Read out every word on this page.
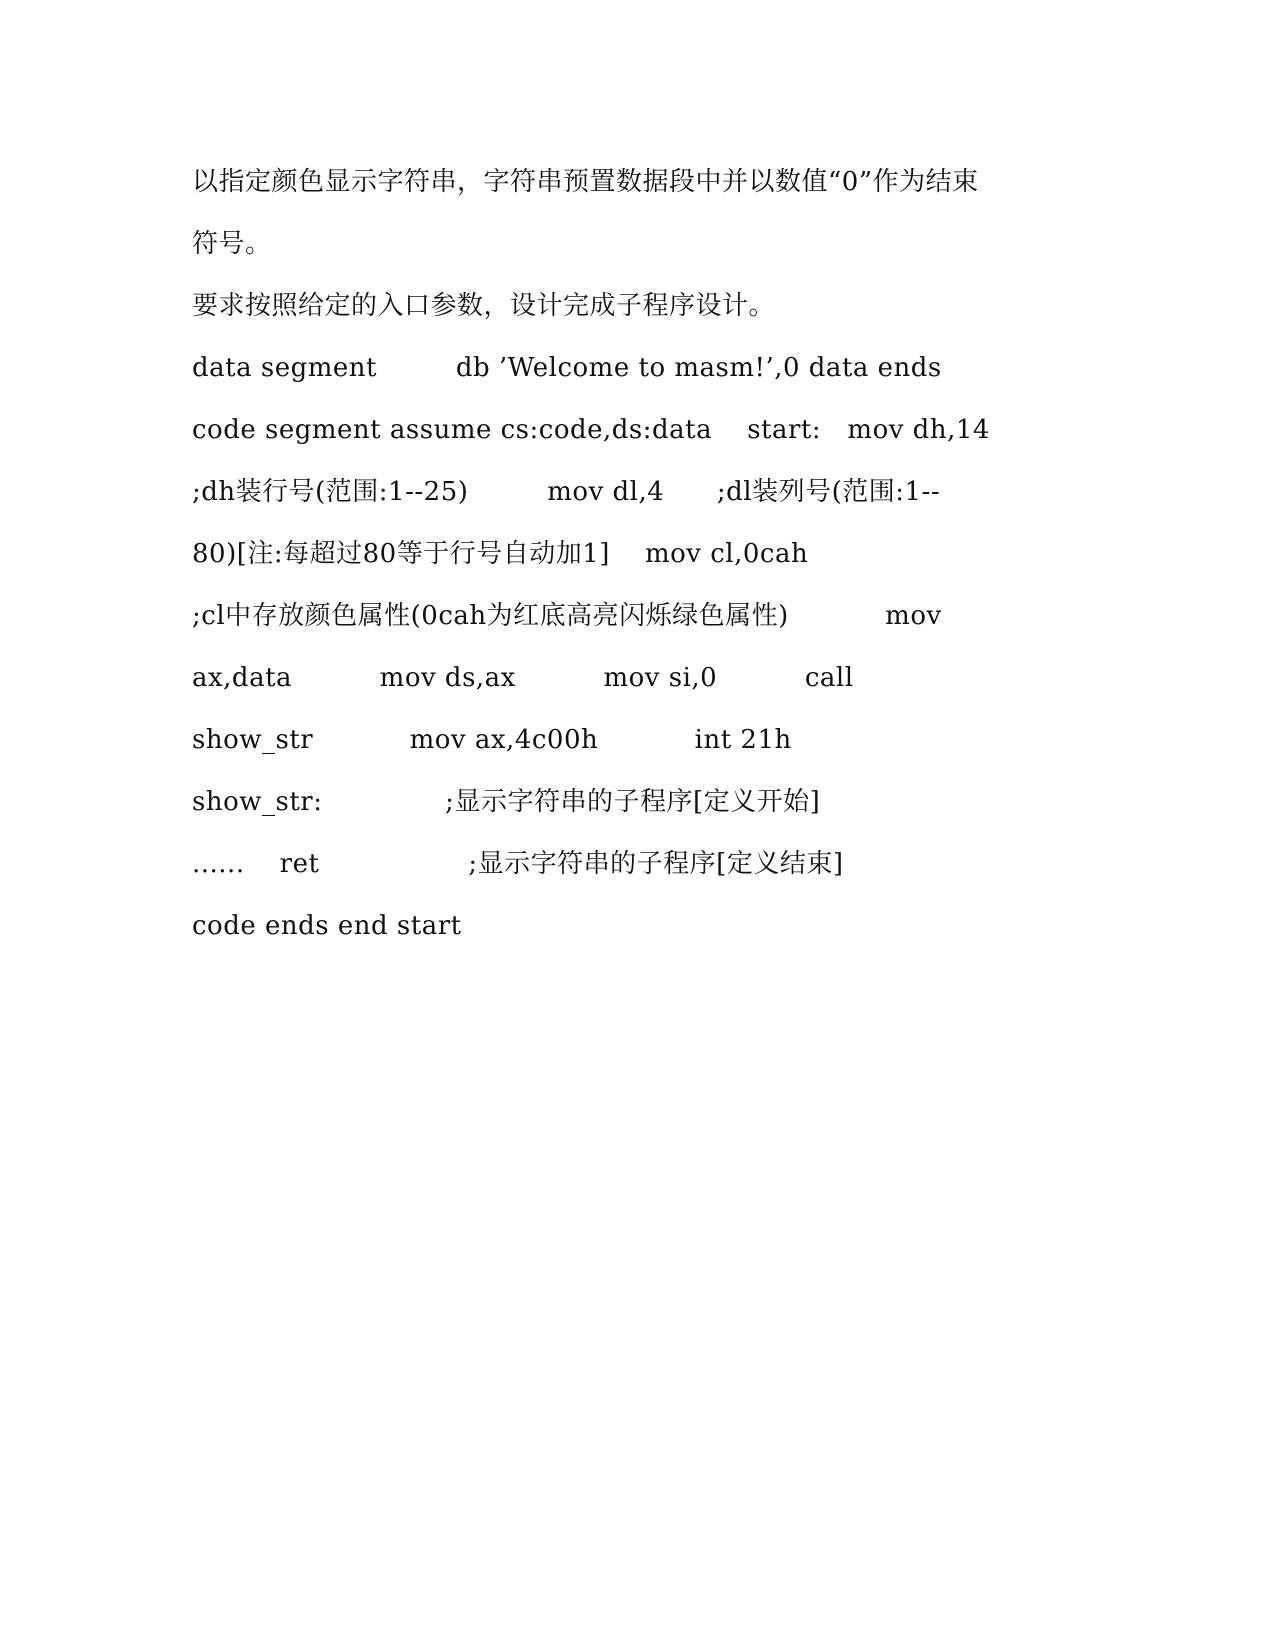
以指定颜色显示字符串，字符串预置数据段中并以数值“0”作为结束
符号。
要求按照给定的入口参数，设计完成子程序设计。
data segment         db ’Welcome to masm!’,0 data ends
code segment assume cs:code,ds:data    start:   mov dh,14
;dh装行号(范围:1--25)         mov dl,4      ;dl装列号(范围:1--
80)[注:每超过80等于行号自动加1]    mov cl,0cah
;cl中存放颜色属性(0cah为红底高亮闪烁绿色属性)           mov
ax,data          mov ds,ax          mov si,0          call
show_str           mov ax,4c00h           int 21h
show_str:              ;显示字符串的子程序[定义开始]
......    ret                 ;显示字符串的子程序[定义结束]
code ends end start
